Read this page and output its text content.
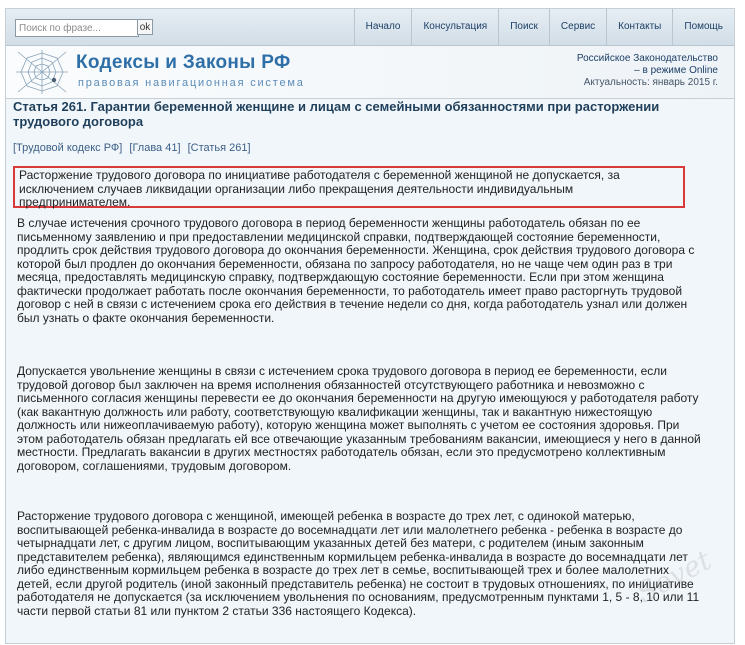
Поиск по фразе...
ok	Начало	Консультация	Поиск	Сервис	Контакты	Помощь
Кодексы и Законы РФ
правовая навигационная система
Российское Законодательство
– в режиме Online
Актуальность: январь 2015 г.
Статья 261. Гарантии беременной женщине и лицам с семейными обязанностями при расторжении трудового договора
[Трудовой кодекс РФ] [Глава 41] [Статья 261]

Расторжение трудового договора по инициативе работодателя с беременной женщиной не допускается, за исключением случаев ликвидации организации либо прекращения деятельности индивидуальным предпринимателем.

В случае истечения срочного трудового договора в период беременности женщины работодатель обязан по ее письменному заявлению и при предоставлении медицинской справки, подтверждающей состояние беременности, продлить срок действия трудового договора до окончания беременности. Женщина, срок действия трудового договора с которой был продлен до окончания беременности, обязана по запросу работодателя, но не чаще чем один раз в три месяца, предоставлять медицинскую справку, подтверждающую состояние беременности. Если при этом женщина фактически продолжает работать после окончания беременности, то работодатель имеет право расторгнуть трудовой договор с ней в связи с истечением срока его действия в течение недели со дня, когда работодатель узнал или должен был узнать о факте окончания беременности.

Допускается увольнение женщины в связи с истечением срока трудового договора в период ее беременности, если трудовой договор был заключен на время исполнения обязанностей отсутствующего работника и невозможно с письменного согласия женщины перевести ее до окончания беременности на другую имеющуюся у работодателя работу (как вакантную должность или работу, соответствующую квалификации женщины, так и вакантную нижестоящую должность или нижеоплачиваемую работу), которую женщина может выполнять с учетом ее состояния здоровья. При этом работодатель обязан предлагать ей все отвечающие указанным требованиям вакансии, имеющиеся у него в данной местности. Предлагать вакансии в других местностях работодатель обязан, если это предусмотрено коллективным договором, соглашениями, трудовым договором.

Расторжение трудового договора с женщиной, имеющей ребенка в возрасте до трех лет, с одинокой матерью, воспитывающей ребенка-инвалида в возрасте до восемнадцати лет или малолетнего ребенка - ребенка в возрасте до четырнадцати лет, с другим лицом, воспитывающим указанных детей без матери, с родителем (иным законным представителем ребенка), являющимся единственным кормильцем ребенка-инвалида в возрасте до восемнадцати лет либо единственным кормильцем ребенка в возрасте до трех лет в семье, воспитывающей трех и более малолетних детей, если другой родитель (иной законный представитель ребенка) не состоит в трудовых отношениях, по инициативе работодателя не допускается (за исключением увольнения по основаниям, предусмотренным пунктами 1, 5 - 8, 10 или 11 части первой статьи 81 или пунктом 2 статьи 336 настоящего Кодекса).

Sovet
